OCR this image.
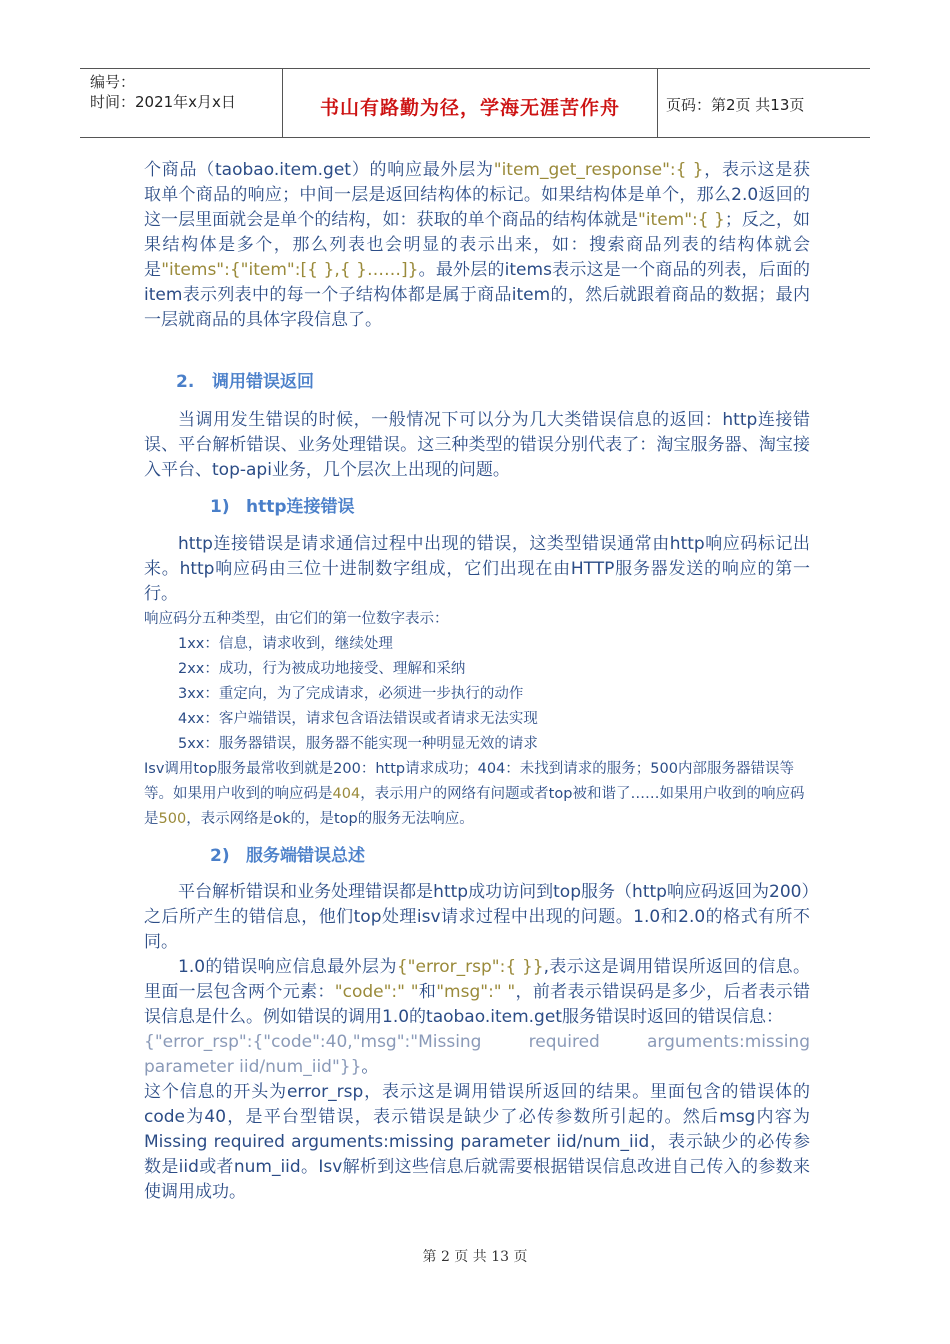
编号：
时间：2021年x月x日	书山有路勤为径，学海无涯苦作舟	页码：第2页 共13页

个商品（taobao.item.get）的响应最外层为"item_get_response":{ }，表示这是获取单个商品的响应；中间一层是返回结构体的标记。如果结构体是单个，那么2.0返回的这一层里面就会是单个的结构，如：获取的单个商品的结构体就是"item":{ }；反之，如果结构体是多个，那么列表也会明显的表示出来，如：搜索商品列表的结构体就会是"items":{"item":[{ },{ }……]}。最外层的items表示这是一个商品的列表，后面的item表示列表中的每一个子结构体都是属于商品item的，然后就跟着商品的数据；最内一层就商品的具体字段信息了。

2. 调用错误返回

当调用发生错误的时候，一般情况下可以分为几大类错误信息的返回：http连接错误、平台解析错误、业务处理错误。这三种类型的错误分别代表了：淘宝服务器、淘宝接入平台、top-api业务，几个层次上出现的问题。

1) http连接错误

http连接错误是请求通信过程中出现的错误，这类型错误通常由http响应码标记出来。http响应码由三位十进制数字组成，它们出现在由HTTP服务器发送的响应的第一行。

响应码分五种类型，由它们的第一位数字表示：

1xx：信息，请求收到，继续处理

2xx：成功，行为被成功地接受、理解和采纳

3xx：重定向，为了完成请求，必须进一步执行的动作

4xx：客户端错误，请求包含语法错误或者请求无法实现

5xx：服务器错误，服务器不能实现一种明显无效的请求

Isv调用top服务最常收到就是200：http请求成功；404：未找到请求的服务；500内部服务器错误等等。如果用户收到的响应码是404，表示用户的网络有问题或者top被和谐了……如果用户收到的响应码是500，表示网络是ok的，是top的服务无法响应。

2) 服务端错误总述

平台解析错误和业务处理错误都是http成功访问到top服务（http响应码返回为200）之后所产生的错信息，他们top处理isv请求过程中出现的问题。1.0和2.0的格式有所不同。

1.0的错误响应信息最外层为{"error_rsp":{ }},表示这是调用错误所返回的信息。里面一层包含两个元素："code":" "和"msg":" "，前者表示错误码是多少，后者表示错误信息是什么。例如错误的调用1.0的taobao.item.get服务错误时返回的错误信息：

{"error_rsp":{"code":40,"msg":"Missing required arguments:missing parameter iid/num_iid"}}。

这个信息的开头为error_rsp，表示这是调用错误所返回的结果。里面包含的错误体的code为40，是平台型错误，表示错误是缺少了必传参数所引起的。然后msg内容为Missing required arguments:missing parameter iid/num_iid，表示缺少的必传参数是iid或者num_iid。Isv解析到这些信息后就需要根据错误信息改进自己传入的参数来使调用成功。

第 2 页 共 13 页
